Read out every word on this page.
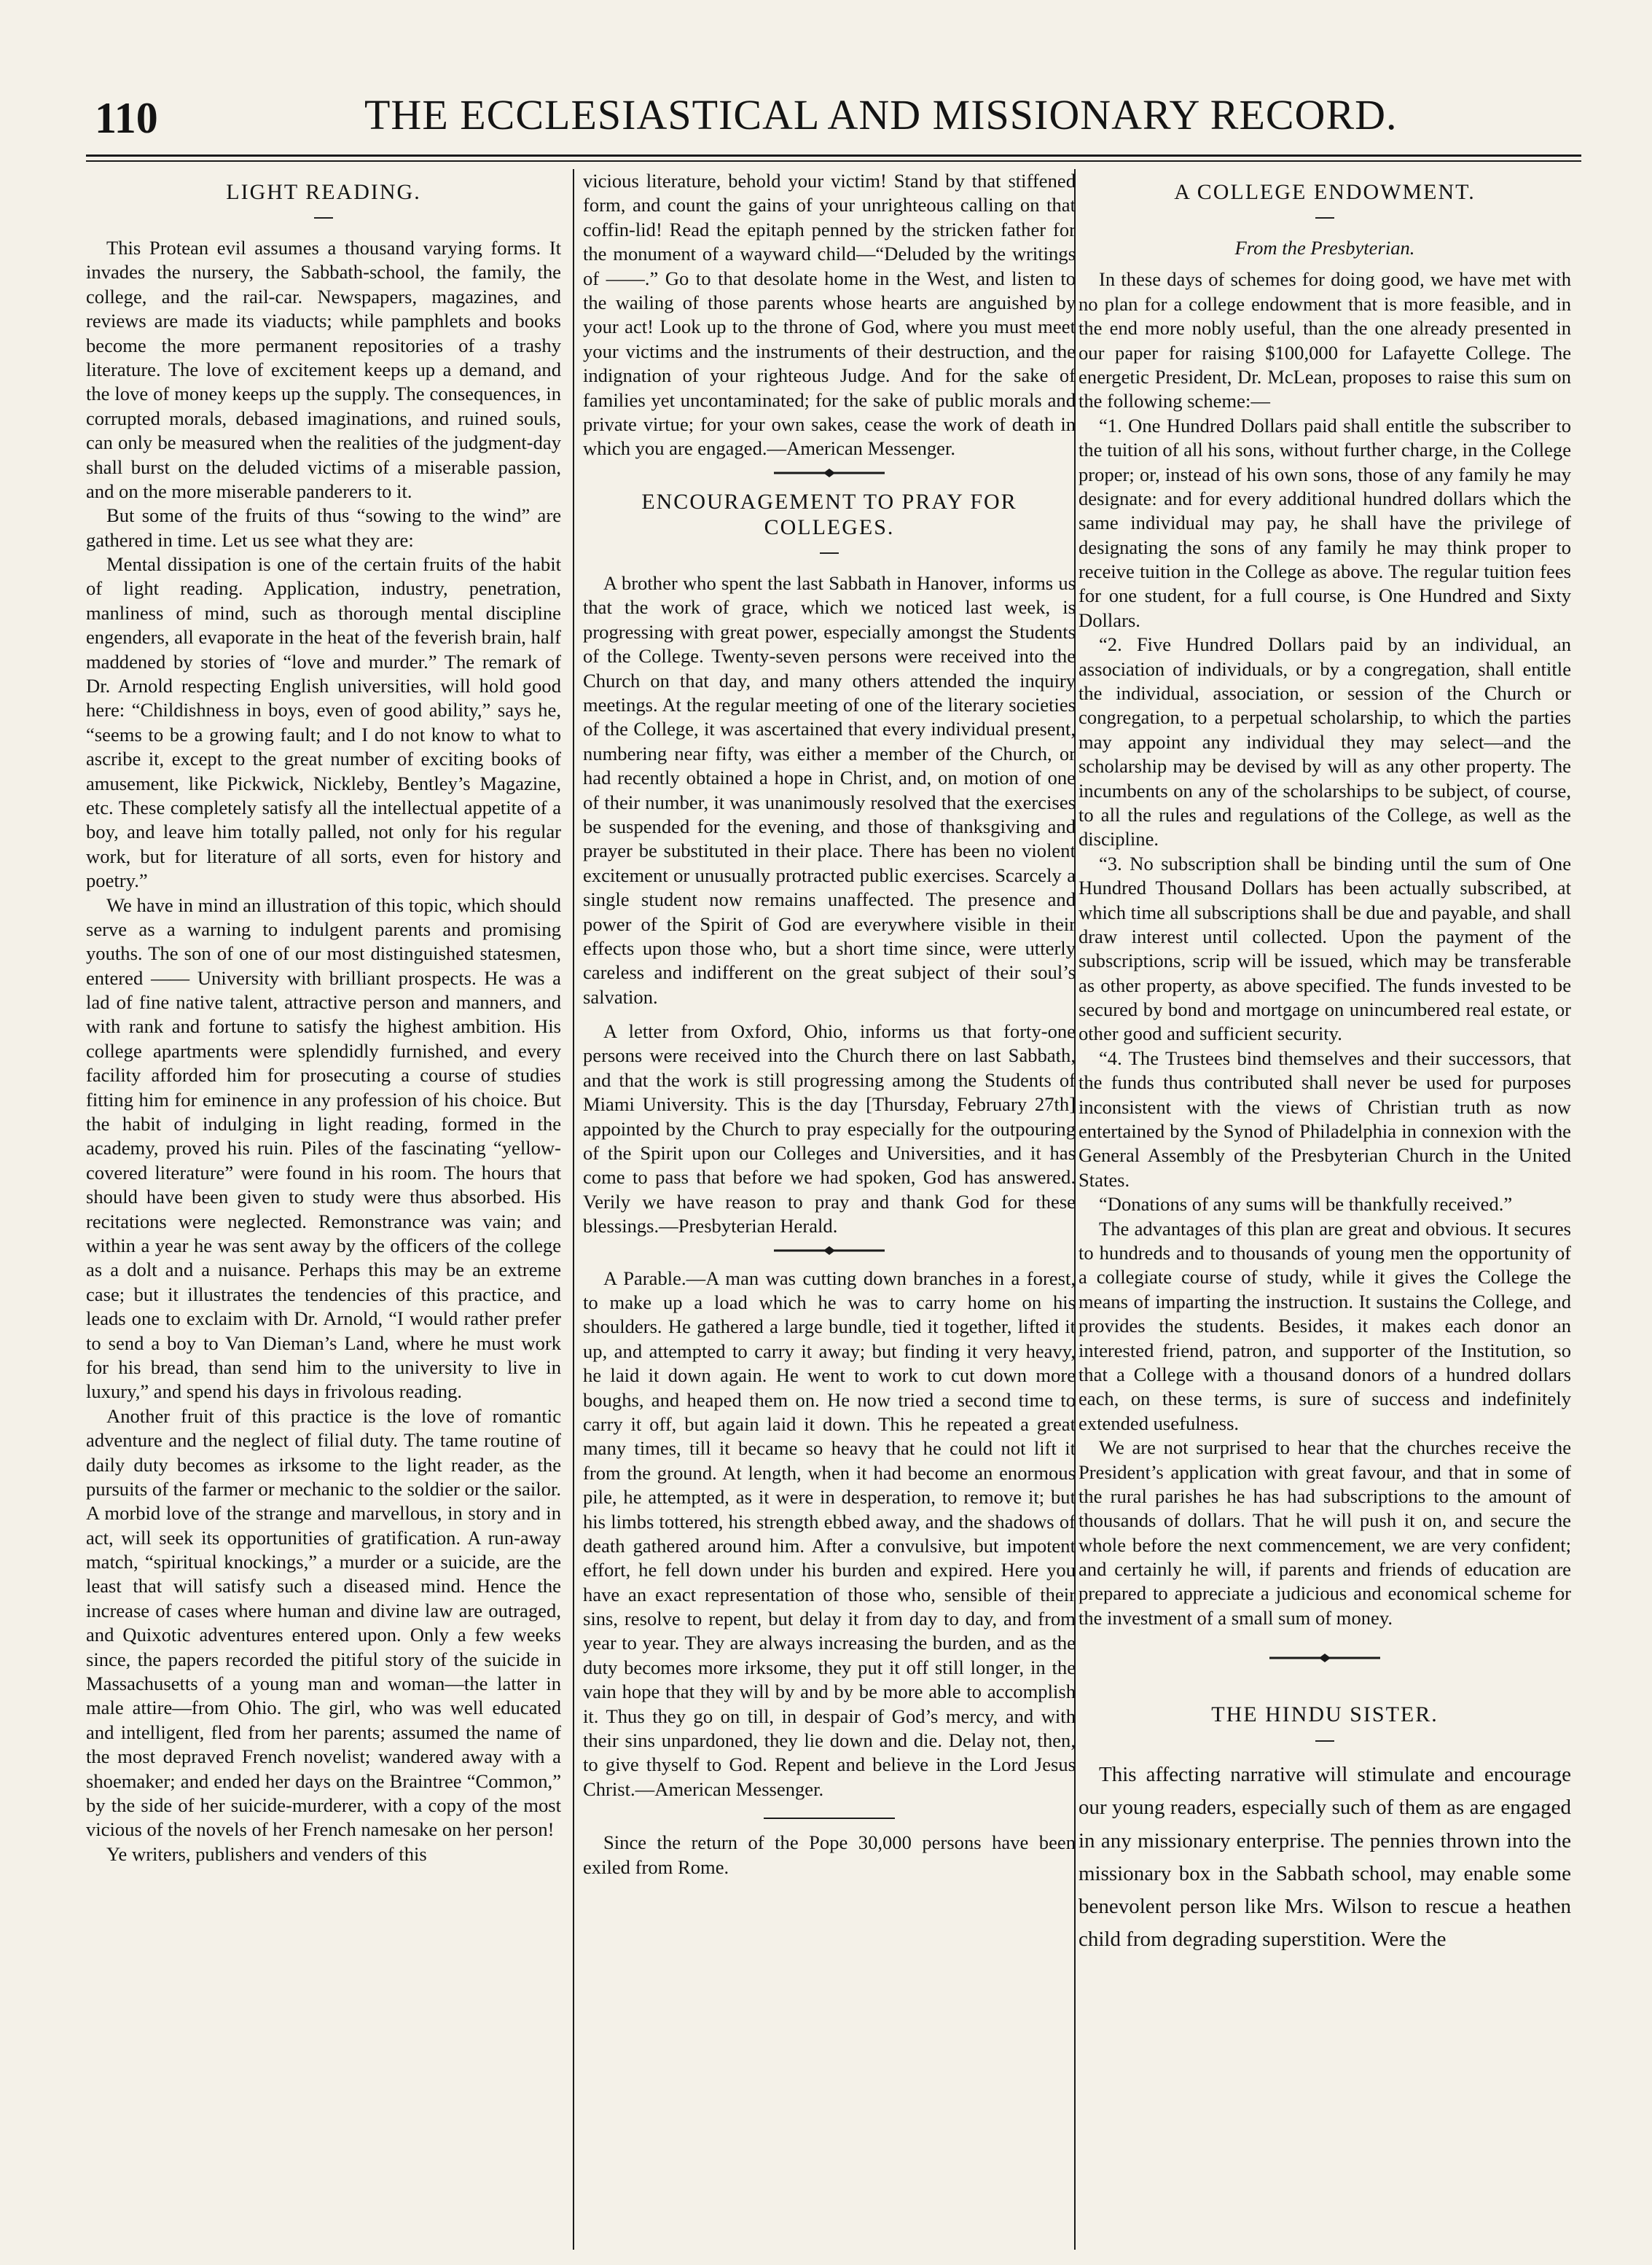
110	THE ECCLESIASTICAL AND MISSIONARY RECORD.
LIGHT READING.

This Protean evil assumes a thousand varying forms. It invades the nursery, the Sabbath-school, the family, the college, and the rail-car. Newspapers, magazines, and reviews are made its viaducts; while pamphlets and books become the more permanent repositories of a trashy literature. The love of excitement keeps up a demand, and the love of money keeps up the supply. The consequences, in corrupted morals, debased imaginations, and ruined souls, can only be measured when the realities of the judgment-day shall burst on the deluded victims of a miserable passion, and on the more miserable panderers to it.

But some of the fruits of thus “sowing to the wind” are gathered in time. Let us see what they are:

Mental dissipation is one of the certain fruits of the habit of light reading. Application, industry, penetration, manliness of mind, such as thorough mental discipline engenders, all evaporate in the heat of the feverish brain, half maddened by stories of “love and murder.” The remark of Dr. Arnold respecting English universities, will hold good here: “Childishness in boys, even of good ability,” says he, “seems to be a growing fault; and I do not know to what to ascribe it, except to the great number of exciting books of amusement, like Pickwick, Nickleby, Bentley’s Magazine, etc. These completely satisfy all the intellectual appetite of a boy, and leave him totally palled, not only for his regular work, but for literature of all sorts, even for history and poetry.”

We have in mind an illustration of this topic, which should serve as a warning to indulgent parents and promising youths. The son of one of our most distinguished statesmen, entered —— University with brilliant prospects. He was a lad of fine native talent, attractive person and manners, and with rank and fortune to satisfy the highest ambition. His college apartments were splendidly furnished, and every facility afforded him for prosecuting a course of studies fitting him for eminence in any profession of his choice. But the habit of indulging in light reading, formed in the academy, proved his ruin. Piles of the fascinating “yellow-covered literature” were found in his room. The hours that should have been given to study were thus absorbed. His recitations were neglected. Remonstrance was vain; and within a year he was sent away by the officers of the college as a dolt and a nuisance. Perhaps this may be an extreme case; but it illustrates the tendencies of this practice, and leads one to exclaim with Dr. Arnold, “I would rather prefer to send a boy to Van Dieman’s Land, where he must work for his bread, than send him to the university to live in luxury,” and spend his days in frivolous reading.

Another fruit of this practice is the love of romantic adventure and the neglect of filial duty. The tame routine of daily duty becomes as irksome to the light reader, as the pursuits of the farmer or mechanic to the soldier or the sailor. A morbid love of the strange and marvellous, in story and in act, will seek its opportunities of gratification. A run-away match, “spiritual knockings,” a murder or a suicide, are the least that will satisfy such a diseased mind. Hence the increase of cases where human and divine law are outraged, and Quixotic adventures entered upon. Only a few weeks since, the papers recorded the pitiful story of the suicide in Massachusetts of a young man and woman—the latter in male attire—from Ohio. The girl, who was well educated and intelligent, fled from her parents; assumed the name of the most depraved French novelist; wandered away with a shoemaker; and ended her days on the Braintree “Common,” by the side of her suicide-murderer, with a copy of the most vicious of the novels of her French namesake on her person!

Ye writers, publishers and venders of this

vicious literature, behold your victim! Stand by that stiffened form, and count the gains of your unrighteous calling on that coffin-lid! Read the epitaph penned by the stricken father for the monument of a wayward child—“Deluded by the writings of ——.” Go to that desolate home in the West, and listen to the wailing of those parents whose hearts are anguished by your act! Look up to the throne of God, where you must meet your victims and the instruments of their destruction, and the indignation of your righteous Judge. And for the sake of families yet uncontaminated; for the sake of public morals and private virtue; for your own sakes, cease the work of death in which you are engaged.—American Messenger.

ENCOURAGEMENT TO PRAY FOR COLLEGES.

A brother who spent the last Sabbath in Hanover, informs us that the work of grace, which we noticed last week, is progressing with great power, especially amongst the Students of the College. Twenty-seven persons were received into the Church on that day, and many others attended the inquiry meetings. At the regular meeting of one of the literary societies of the College, it was ascertained that every individual present, numbering near fifty, was either a member of the Church, or had recently obtained a hope in Christ, and, on motion of one of their number, it was unanimously resolved that the exercises be suspended for the evening, and those of thanksgiving and prayer be substituted in their place. There has been no violent excitement or unusually protracted public exercises. Scarcely a single student now remains unaffected. The presence and power of the Spirit of God are everywhere visible in their effects upon those who, but a short time since, were utterly careless and indifferent on the great subject of their soul’s salvation.

A letter from Oxford, Ohio, informs us that forty-one persons were received into the Church there on last Sabbath, and that the work is still progressing among the Students of Miami University. This is the day [Thursday, February 27th] appointed by the Church to pray especially for the outpouring of the Spirit upon our Colleges and Universities, and it has come to pass that before we had spoken, God has answered. Verily we have reason to pray and thank God for these blessings.—Presbyterian Herald.

A Parable.—A man was cutting down branches in a forest, to make up a load which he was to carry home on his shoulders. He gathered a large bundle, tied it together, lifted it up, and attempted to carry it away; but finding it very heavy, he laid it down again. He went to work to cut down more boughs, and heaped them on. He now tried a second time to carry it off, but again laid it down. This he repeated a great many times, till it became so heavy that he could not lift it from the ground. At length, when it had become an enormous pile, he attempted, as it were in desperation, to remove it; but his limbs tottered, his strength ebbed away, and the shadows of death gathered around him. After a convulsive, but impotent effort, he fell down under his burden and expired. Here you have an exact representation of those who, sensible of their sins, resolve to repent, but delay it from day to day, and from year to year. They are always increasing the burden, and as the duty becomes more irksome, they put it off still longer, in the vain hope that they will by and by be more able to accomplish it. Thus they go on till, in despair of God’s mercy, and with their sins unpardoned, they lie down and die. Delay not, then, to give thyself to God. Repent and believe in the Lord Jesus Christ.—American Messenger.

Since the return of the Pope 30,000 persons have been exiled from Rome.

A COLLEGE ENDOWMENT.
From the Presbyterian.

In these days of schemes for doing good, we have met with no plan for a college endowment that is more feasible, and in the end more nobly useful, than the one already presented in our paper for raising $100,000 for Lafayette College. The energetic President, Dr. McLean, proposes to raise this sum on the following scheme:—

“1. One Hundred Dollars paid shall entitle the subscriber to the tuition of all his sons, without further charge, in the College proper; or, instead of his own sons, those of any family he may designate: and for every additional hundred dollars which the same individual may pay, he shall have the privilege of designating the sons of any family he may think proper to receive tuition in the College as above. The regular tuition fees for one student, for a full course, is One Hundred and Sixty Dollars.

“2. Five Hundred Dollars paid by an individual, an association of individuals, or by a congregation, shall entitle the individual, association, or session of the Church or congregation, to a perpetual scholarship, to which the parties may appoint any individual they may select—and the scholarship may be devised by will as any other property. The incumbents on any of the scholarships to be subject, of course, to all the rules and regulations of the College, as well as the discipline.

“3. No subscription shall be binding until the sum of One Hundred Thousand Dollars has been actually subscribed, at which time all subscriptions shall be due and payable, and shall draw interest until collected. Upon the payment of the subscriptions, scrip will be issued, which may be transferable as other property, as above specified. The funds invested to be secured by bond and mortgage on unincumbered real estate, or other good and sufficient security.

“4. The Trustees bind themselves and their successors, that the funds thus contributed shall never be used for purposes inconsistent with the views of Christian truth as now entertained by the Synod of Philadelphia in connexion with the General Assembly of the Presbyterian Church in the United States.

“Donations of any sums will be thankfully received.”

The advantages of this plan are great and obvious. It secures to hundreds and to thousands of young men the opportunity of a collegiate course of study, while it gives the College the means of imparting the instruction. It sustains the College, and provides the students. Besides, it makes each donor an interested friend, patron, and supporter of the Institution, so that a College with a thousand donors of a hundred dollars each, on these terms, is sure of success and indefinitely extended usefulness.

We are not surprised to hear that the churches receive the President’s application with great favour, and that in some of the rural parishes he has had subscriptions to the amount of thousands of dollars. That he will push it on, and secure the whole before the next commencement, we are very confident; and certainly he will, if parents and friends of education are prepared to appreciate a judicious and economical scheme for the investment of a small sum of money.

THE HINDU SISTER.

This affecting narrative will stimulate and encourage our young readers, especially such of them as are engaged in any missionary enterprise. The pennies thrown into the missionary box in the Sabbath school, may enable some benevolent person like Mrs. Wilson to rescue a heathen child from degrading superstition. Were the
